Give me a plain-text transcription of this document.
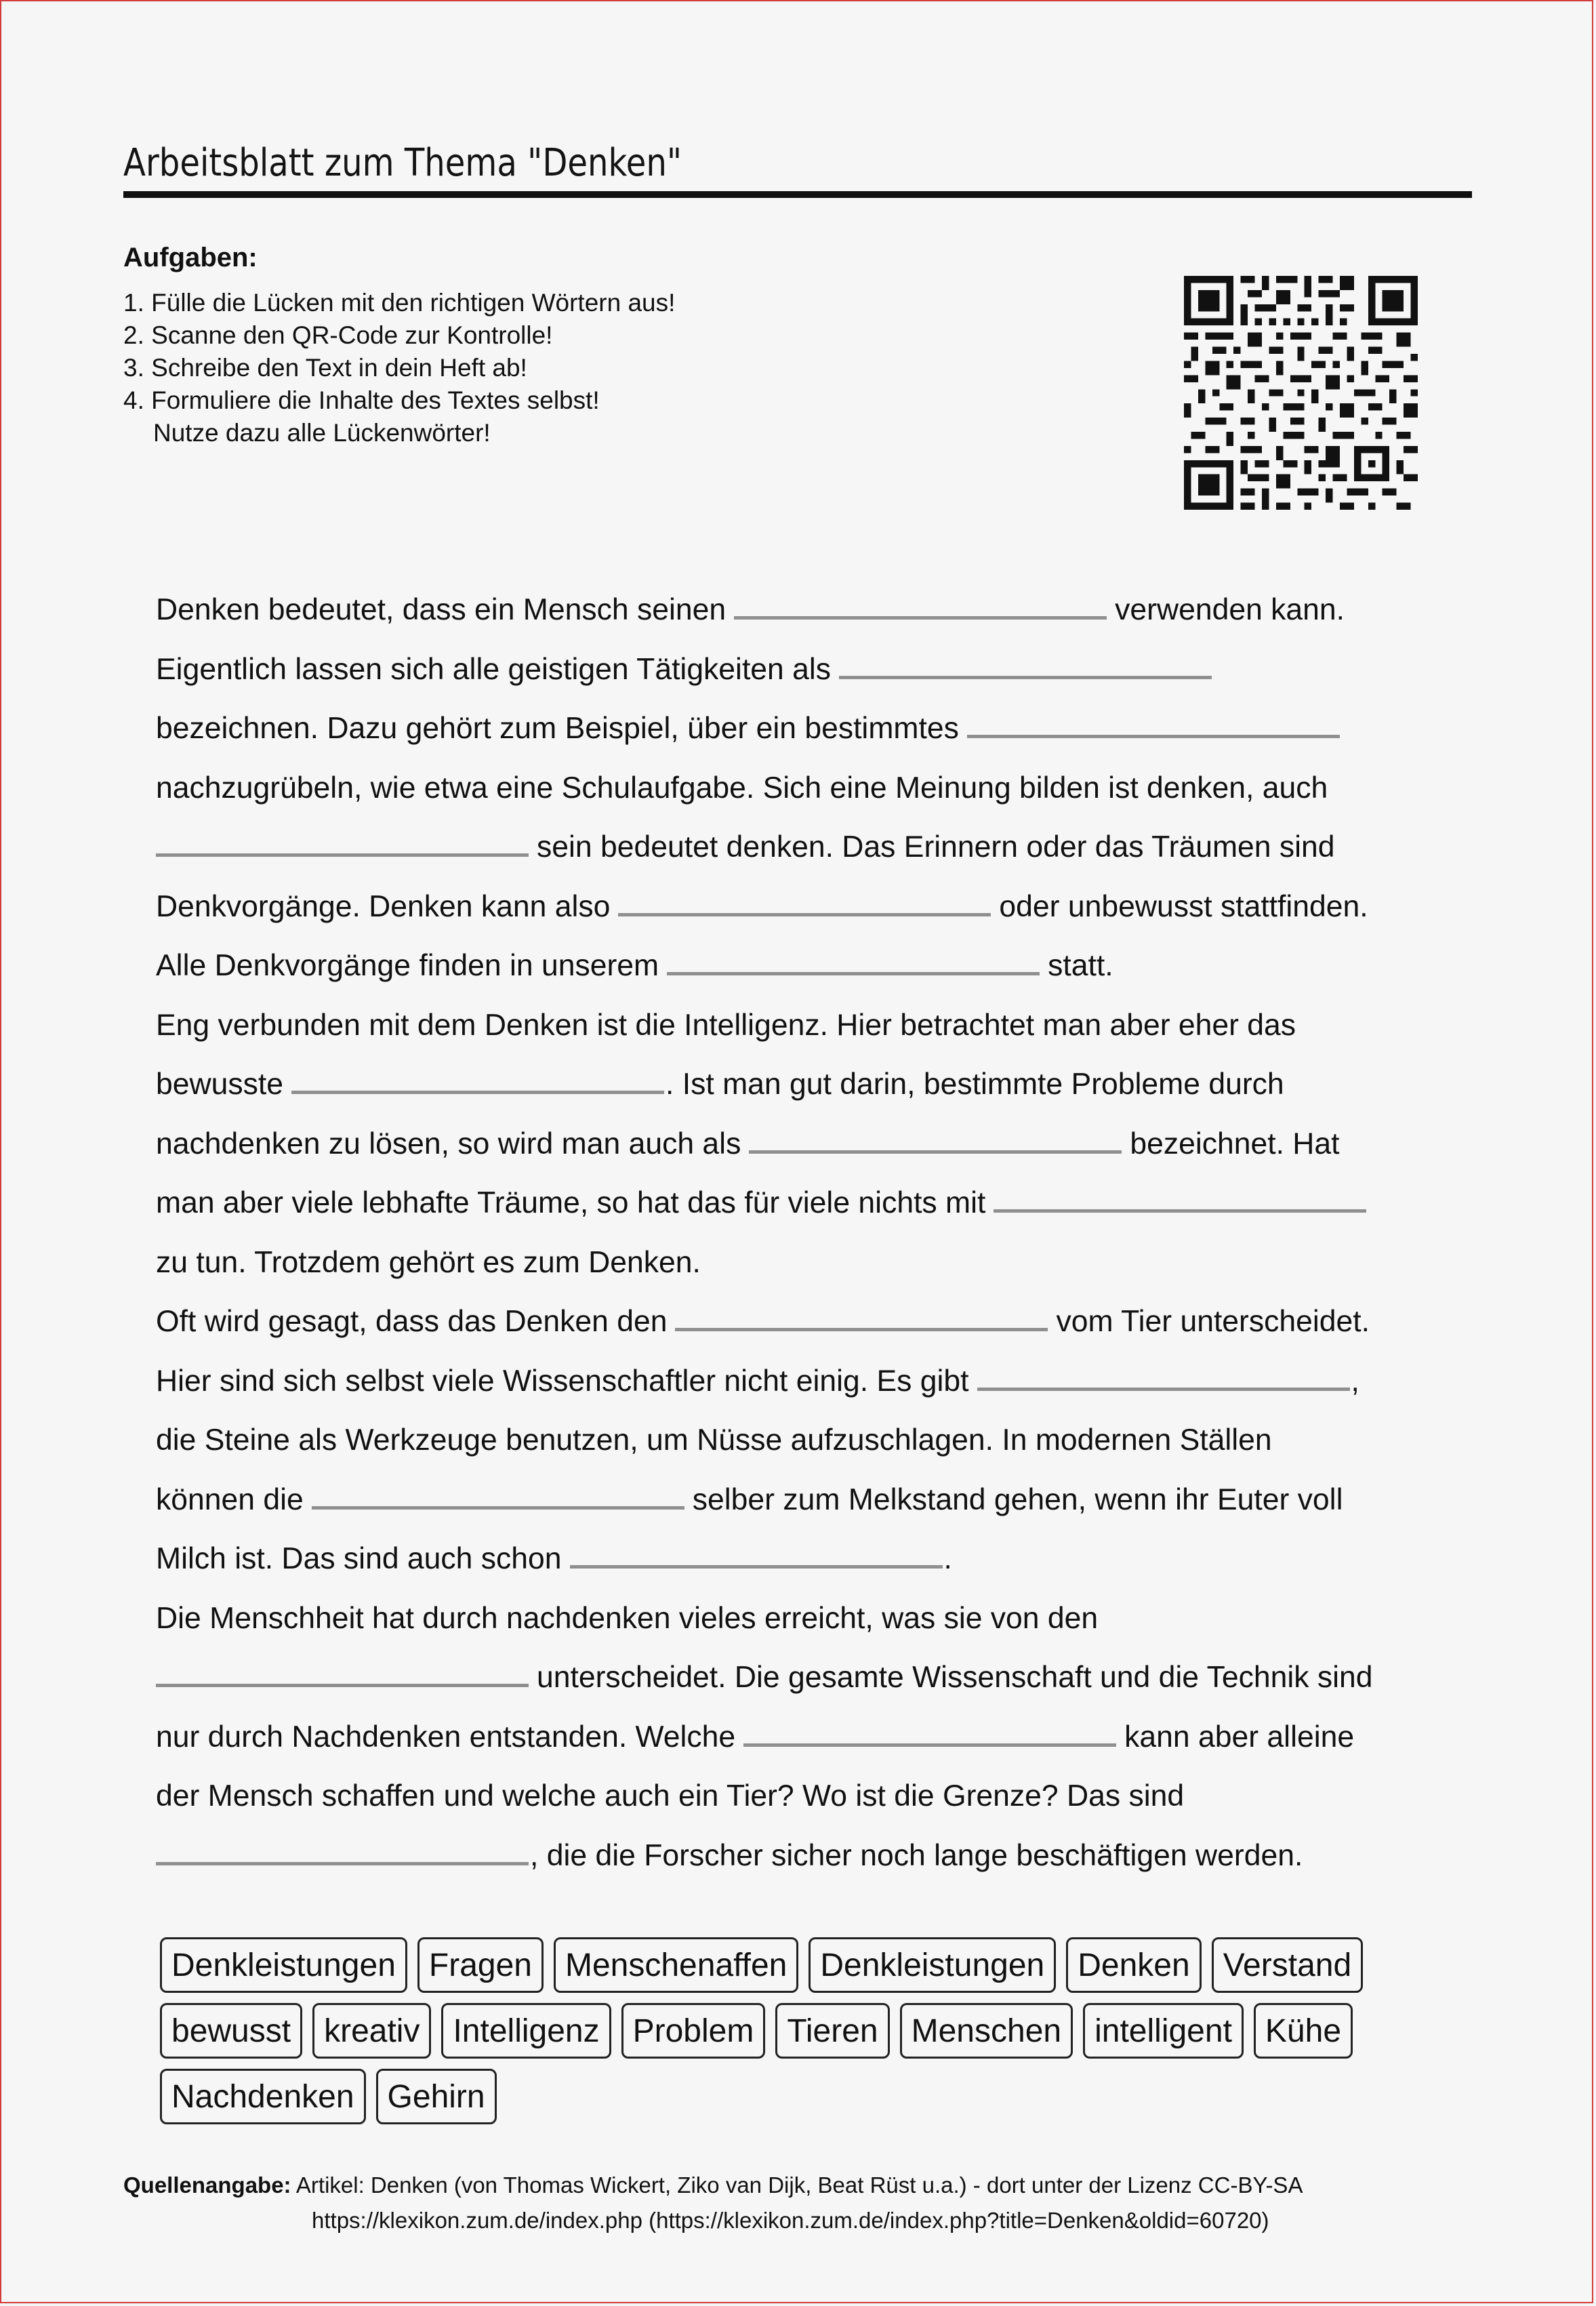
Arbeitsblatt zum Thema "Denken"
Aufgaben:
1. Fülle die Lücken mit den richtigen Wörtern aus!
2. Scanne den QR-Code zur Kontrolle!
3. Schreibe den Text in dein Heft ab!
4. Formuliere die Inhalte des Textes selbst!
Nutze dazu alle Lückenwörter!
Denken bedeutet, dass ein Mensch seinen	verwenden kann.
Eigentlich lassen sich alle geistigen Tätigkeiten als
bezeichnen. Dazu gehört zum Beispiel, über ein bestimmtes
nachzugrübeln, wie etwa eine Schulaufgabe. Sich eine Meinung bilden ist denken, auch
sein bedeutet denken. Das Erinnern oder das Träumen sind
Denkvorgänge. Denken kann also	oder unbewusst stattfinden.
Alle Denkvorgänge finden in unserem	statt.
Eng verbunden mit dem Denken ist die Intelligenz. Hier betrachtet man aber eher das
bewusste	. Ist man gut darin, bestimmte Probleme durch
nachdenken zu lösen, so wird man auch als	bezeichnet. Hat
man aber viele lebhafte Träume, so hat das für viele nichts mit
zu tun. Trotzdem gehört es zum Denken.
Oft wird gesagt, dass das Denken den	vom Tier unterscheidet.
Hier sind sich selbst viele Wissenschaftler nicht einig. Es gibt	,
die Steine als Werkzeuge benutzen, um Nüsse aufzuschlagen. In modernen Ställen
können die	selber zum Melkstand gehen, wenn ihr Euter voll
Milch ist. Das sind auch schon	.
Die Menschheit hat durch nachdenken vieles erreicht, was sie von den
unterscheidet. Die gesamte Wissenschaft und die Technik sind
nur durch Nachdenken entstanden. Welche	kann aber alleine
der Mensch schaffen und welche auch ein Tier? Wo ist die Grenze? Das sind
, die die Forscher sicher noch lange beschäftigen werden.
Denkleistungen	Fragen	Menschenaffen	Denkleistungen	Denken	Verstand
bewusst	kreativ	Intelligenz	Problem	Tieren	Menschen	intelligent	Kühe
Nachdenken	Gehirn
Quellenangabe: Artikel: Denken (von Thomas Wickert, Ziko van Dijk, Beat Rüst u.a.) - dort unter der Lizenz CC-BY-SA
https://klexikon.zum.de/index.php (https://klexikon.zum.de/index.php?title=Denken&oldid=60720)
